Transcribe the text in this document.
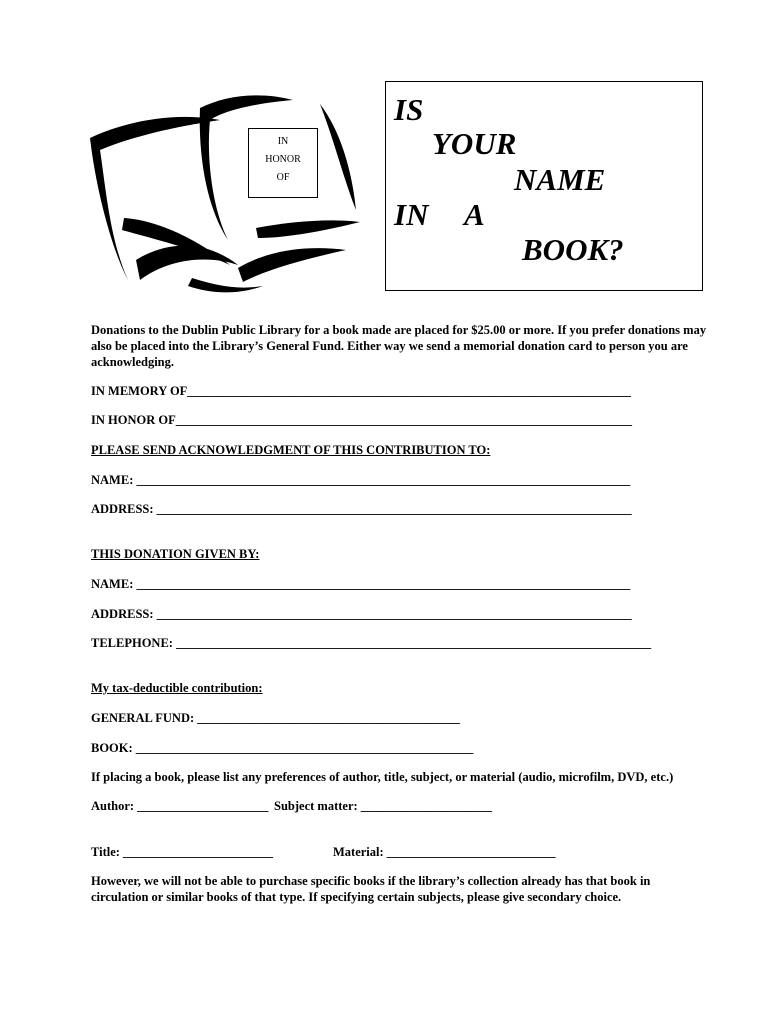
IN
HONOR
OF
IS
YOUR
NAME
IN A
BOOK?
Donations to the Dublin Public Library for a book made are placed for $25.00 or more. If you prefer donations may also be placed into the Library’s General Fund. Either way we send a memorial donation card to person you are acknowledging.
IN MEMORY OF_______________________________________________________________________
IN HONOR OF_________________________________________________________________________
PLEASE SEND ACKNOWLEDGMENT OF THIS CONTRIBUTION TO:
NAME: _______________________________________________________________________________
ADDRESS: ____________________________________________________________________________
THIS DONATION GIVEN BY:
NAME: _______________________________________________________________________________
ADDRESS: ____________________________________________________________________________
TELEPHONE: ____________________________________________________________________________
My tax-deductible contribution:
GENERAL FUND: __________________________________________
BOOK: ______________________________________________________
If placing a book, please list any preferences of author, title, subject, or material (audio, microfilm, DVD, etc.)
Author: _____________________ Subject matter: _____________________
Title: ________________________	Material: ___________________________
However, we will not be able to purchase specific books if the library’s collection already has that book in circulation or similar books of that type. If specifying certain subjects, please give secondary choice.
